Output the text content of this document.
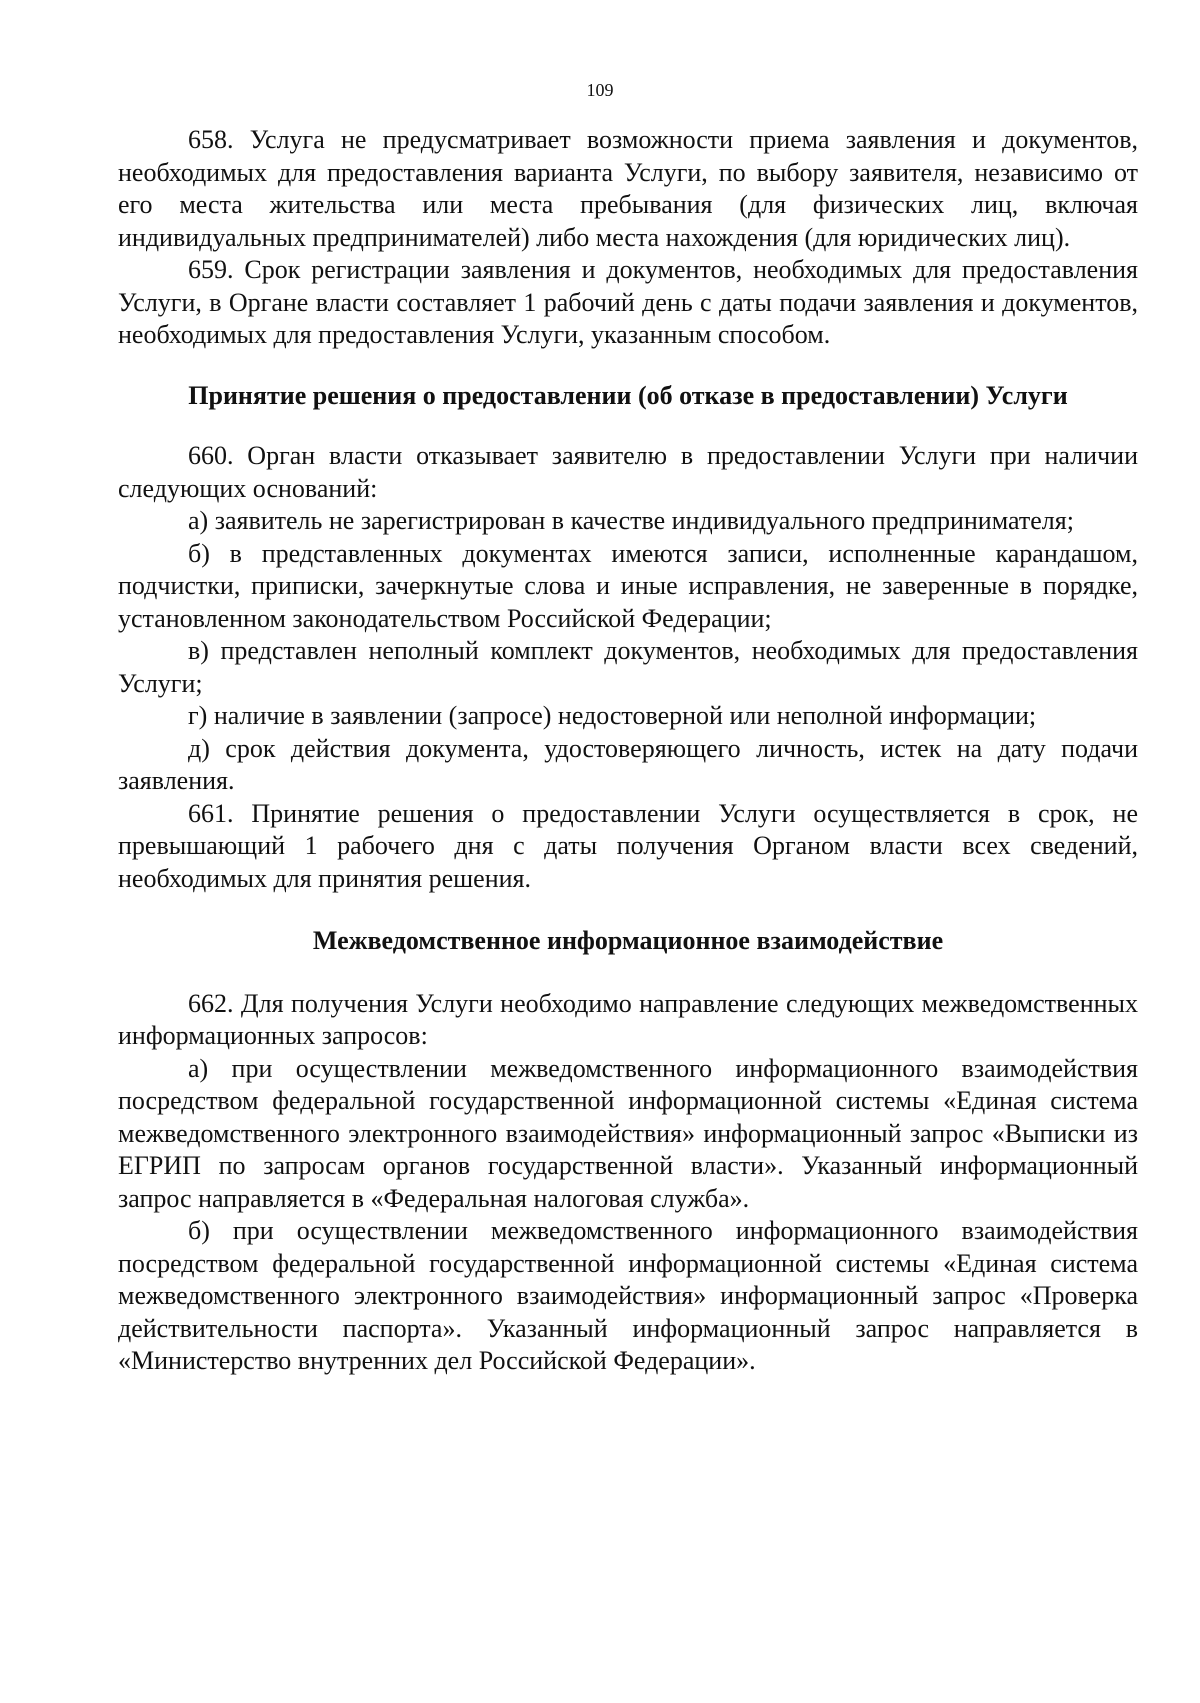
109

658. Услуга не предусматривает возможности приема заявления и документов, необходимых для предоставления варианта Услуги, по выбору заявителя, независимо от его места жительства или места пребывания (для физических лиц, включая индивидуальных предпринимателей) либо места нахождения (для юридических лиц).

659. Срок регистрации заявления и документов, необходимых для предоставления Услуги, в Органе власти составляет 1 рабочий день с даты подачи заявления и документов, необходимых для предоставления Услуги, указанным способом.

Принятие решения о предоставлении (об отказе в предоставлении) Услуги

660. Орган власти отказывает заявителю в предоставлении Услуги при наличии следующих оснований:

а) заявитель не зарегистрирован в качестве индивидуального предпринимателя;

б) в представленных документах имеются записи, исполненные карандашом, подчистки, приписки, зачеркнутые слова и иные исправления, не заверенные в порядке, установленном законодательством Российской Федерации;

в) представлен неполный комплект документов, необходимых для предоставления Услуги;

г) наличие в заявлении (запросе) недостоверной или неполной информации;

д) срок действия документа, удостоверяющего личность, истек на дату подачи заявления.

661. Принятие решения о предоставлении Услуги осуществляется в срок, не превышающий 1 рабочего дня с даты получения Органом власти всех сведений, необходимых для принятия решения.

Межведомственное информационное взаимодействие

662. Для получения Услуги необходимо направление следующих межведомственных информационных запросов:

а) при осуществлении межведомственного информационного взаимодействия посредством федеральной государственной информационной системы «Единая система межведомственного электронного взаимодействия» информационный запрос «Выписки из ЕГРИП по запросам органов государственной власти». Указанный информационный запрос направляется в «Федеральная налоговая служба».

б) при осуществлении межведомственного информационного взаимодействия посредством федеральной государственной информационной системы «Единая система межведомственного электронного взаимодействия» информационный запрос «Проверка действительности паспорта». Указанный информационный запрос направляется в «Министерство внутренних дел Российской Федерации».
